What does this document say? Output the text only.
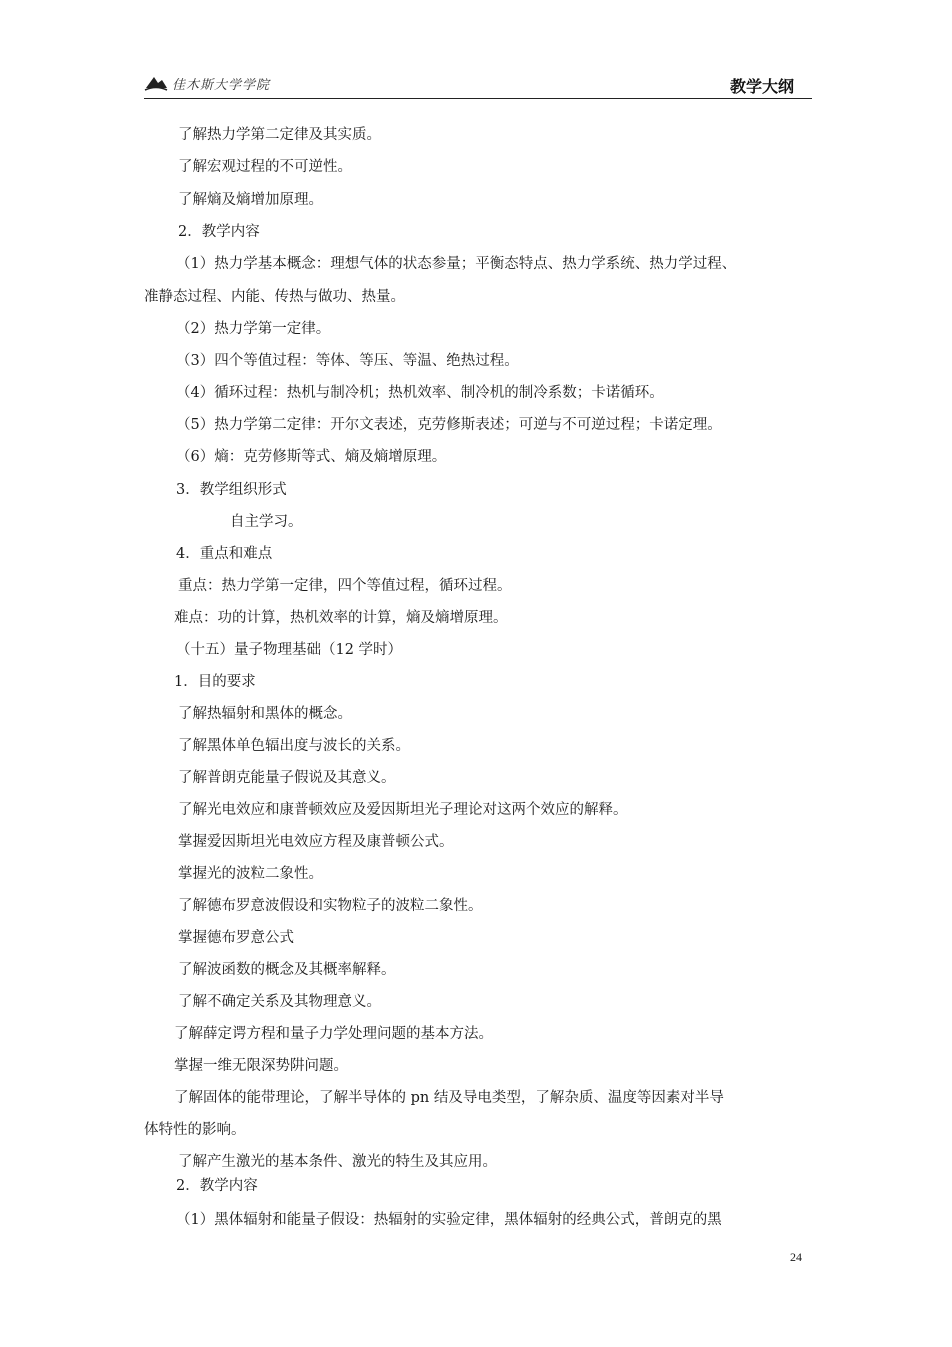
佳木斯大学学院	教学大纲
了解热力学第二定律及其实质。
了解宏观过程的不可逆性。
了解熵及熵增加原理。
2．教学内容
（1）热力学基本概念：理想气体的状态参量；平衡态特点、热力学系统、热力学过程、
准静态过程、内能、传热与做功、热量。
（2）热力学第一定律。
（3）四个等值过程：等体、等压、等温、绝热过程。
（4）循环过程：热机与制冷机；热机效率、制冷机的制冷系数；卡诺循环。
（5）热力学第二定律：开尔文表述，克劳修斯表述；可逆与不可逆过程；卡诺定理。
（6）熵：克劳修斯等式、熵及熵增原理。
3．教学组织形式
自主学习。
4．重点和难点
重点：热力学第一定律，四个等值过程，循环过程。
难点：功的计算，热机效率的计算，熵及熵增原理。
（十五）量子物理基础（12 学时）
1．目的要求
了解热辐射和黑体的概念。
了解黑体单色辐出度与波长的关系。
了解普朗克能量子假说及其意义。
了解光电效应和康普顿效应及爱因斯坦光子理论对这两个效应的解释。
掌握爱因斯坦光电效应方程及康普顿公式。
掌握光的波粒二象性。
了解德布罗意波假设和实物粒子的波粒二象性。
掌握德布罗意公式
了解波函数的概念及其概率解释。
了解不确定关系及其物理意义。
了解薛定谔方程和量子力学处理问题的基本方法。
掌握一维无限深势阱问题。
了解固体的能带理论，了解半导体的 pn 结及导电类型，了解杂质、温度等因素对半导
体特性的影响。
了解产生激光的基本条件、激光的特生及其应用。
2．教学内容
（1）黑体辐射和能量子假设：热辐射的实验定律，黑体辐射的经典公式，普朗克的黑
24
